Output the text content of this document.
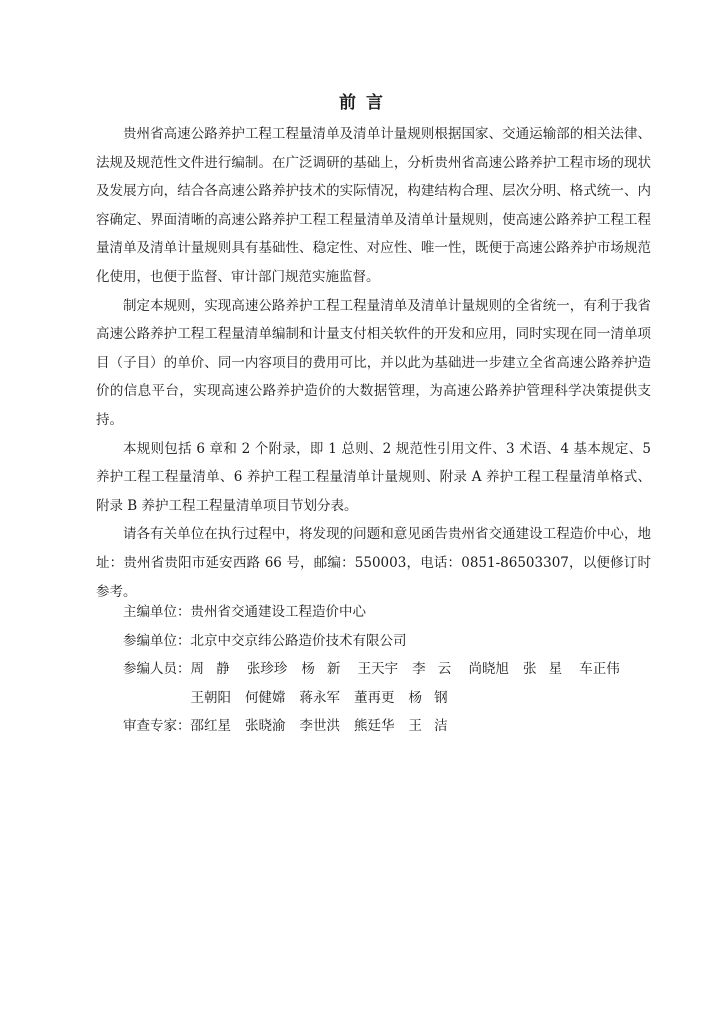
前 言

贵州省高速公路养护工程工程量清单及清单计量规则根据国家、交通运输部的相关法律、法规及规范性文件进行编制。在广泛调研的基础上，分析贵州省高速公路养护工程市场的现状及发展方向，结合各高速公路养护技术的实际情况，构建结构合理、层次分明、格式统一、内容确定、界面清晰的高速公路养护工程工程量清单及清单计量规则，使高速公路养护工程工程量清单及清单计量规则具有基础性、稳定性、对应性、唯一性，既便于高速公路养护市场规范化使用，也便于监督、审计部门规范实施监督。

制定本规则，实现高速公路养护工程工程量清单及清单计量规则的全省统一，有利于我省高速公路养护工程工程量清单编制和计量支付相关软件的开发和应用，同时实现在同一清单项目（子目）的单价、同一内容项目的费用可比，并以此为基础进一步建立全省高速公路养护造价的信息平台，实现高速公路养护造价的大数据管理，为高速公路养护管理科学决策提供支持。

本规则包括 6 章和 2 个附录，即 1 总则、2 规范性引用文件、3 术语、4 基本规定、5 养护工程工程量清单、6 养护工程工程量清单计量规则、附录 A 养护工程工程量清单格式、附录 B 养护工程工程量清单项目节划分表。

请各有关单位在执行过程中，将发现的问题和意见函告贵州省交通建设工程造价中心，地址：贵州省贵阳市延安西路 66 号，邮编：550003，电话：0851-86503307，以便修订时参考。

主编单位： 贵州省交通建设工程造价中心
参编单位： 北京中交京纬公路造价技术有限公司
参编人员： 周静 张珍珍 杨新 王天宇 李云 尚晓旭 张星 车正伟
王朝阳 何健嫦 蒋永军 董再更 杨钢
审查专家： 邵红星 张晓渝 李世洪 熊廷华 王洁
